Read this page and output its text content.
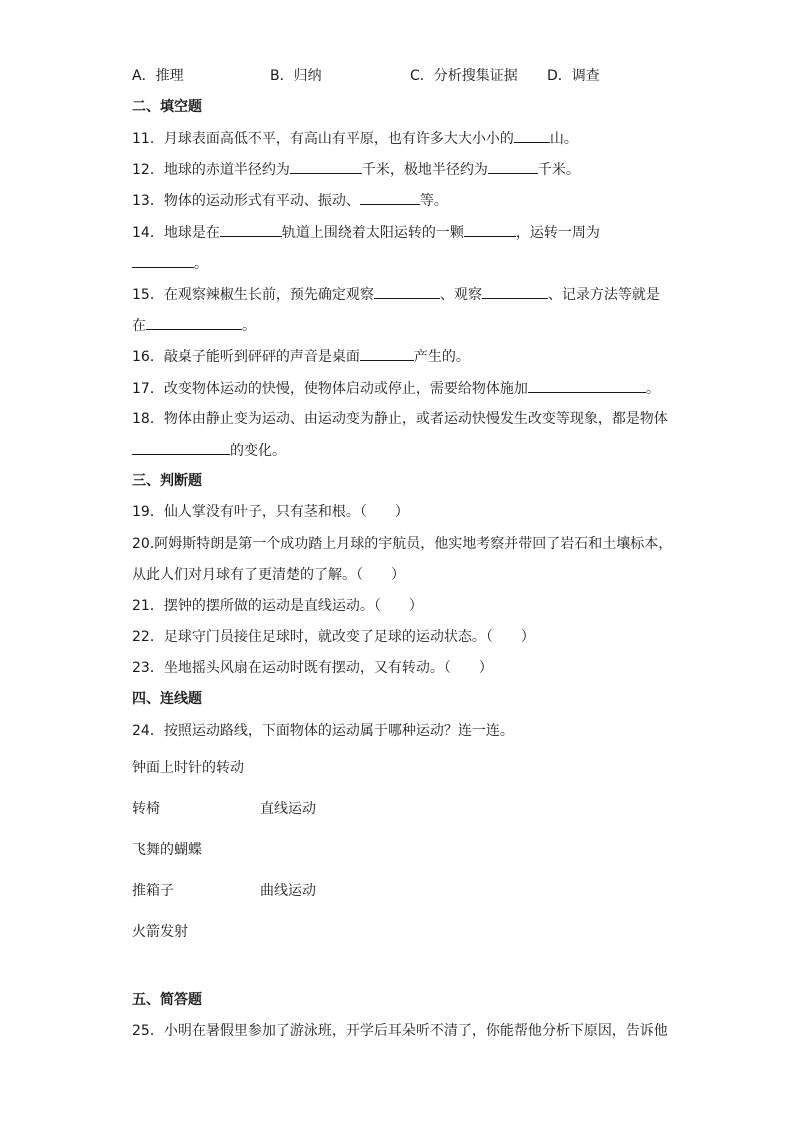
A．推理	B．归纳	C．分析搜集证据 D．调查
二、填空题
11．月球表面高低不平，有高山有平原，也有许多大大小小的	山。
12．地球的赤道半径约为	千米，极地半径约为	千米。
13．物体的运动形式有平动、振动、	等。
14．地球是在	轨道上围绕着太阳运转的一颗	，运转一周为
。
15．在观察辣椒生长前，预先确定观察	、观察	、记录方法等就是
在	。
16．敲桌子能听到砰砰的声音是桌面	产生的。
17．改变物体运动的快慢，使物体启动或停止，需要给物体施加	。
18．物体由静止变为运动、由运动变为静止，或者运动快慢发生改变等现象，都是物体
的变化。
三、判断题
19．仙人掌没有叶子，只有茎和根。（　　）
20.阿姆斯特朗是第一个成功踏上月球的宇航员，他实地考察并带回了岩石和土壤标本，
从此人们对月球有了更清楚的了解。（　　）
21．摆钟的摆所做的运动是直线运动。（　　）
22．足球守门员接住足球时，就改变了足球的运动状态。（　　）
23．坐地摇头风扇在运动时既有摆动，又有转动。（　　）
四、连线题
24．按照运动路线，下面物体的运动属于哪种运动？连一连。
钟面上时针的转动
转椅	直线运动
飞舞的蝴蝶
推箱子	曲线运动
火箭发射
五、简答题
25．小明在暑假里参加了游泳班，开学后耳朵听不清了，你能帮他分析下原因，告诉他
